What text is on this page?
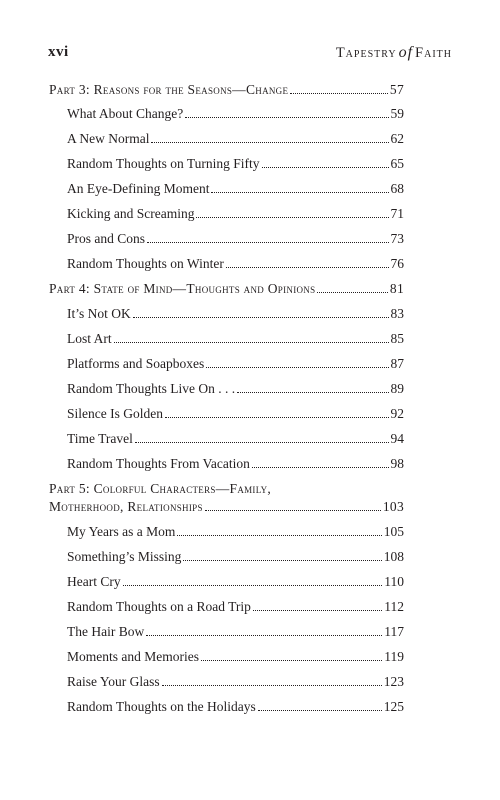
xvi	Tapestry of Faith
Part 3: Reasons for the Seasons—Change	57
What About Change?	59
A New Normal	62
Random Thoughts on Turning Fifty	65
An Eye-Defining Moment	68
Kicking and Screaming	71
Pros and Cons	73
Random Thoughts on Winter	76
Part 4: State of Mind—Thoughts and Opinions	81
It’s Not OK	83
Lost Art	85
Platforms and Soapboxes	87
Random Thoughts Live On . . .	89
Silence Is Golden	92
Time Travel	94
Random Thoughts From Vacation	98
Part 5: Colorful Characters—Family,
Motherhood, Relationships	103
My Years as a Mom	105
Something’s Missing	108
Heart Cry	110
Random Thoughts on a Road Trip	112
The Hair Bow	117
Moments and Memories	119
Raise Your Glass	123
Random Thoughts on the Holidays	125
